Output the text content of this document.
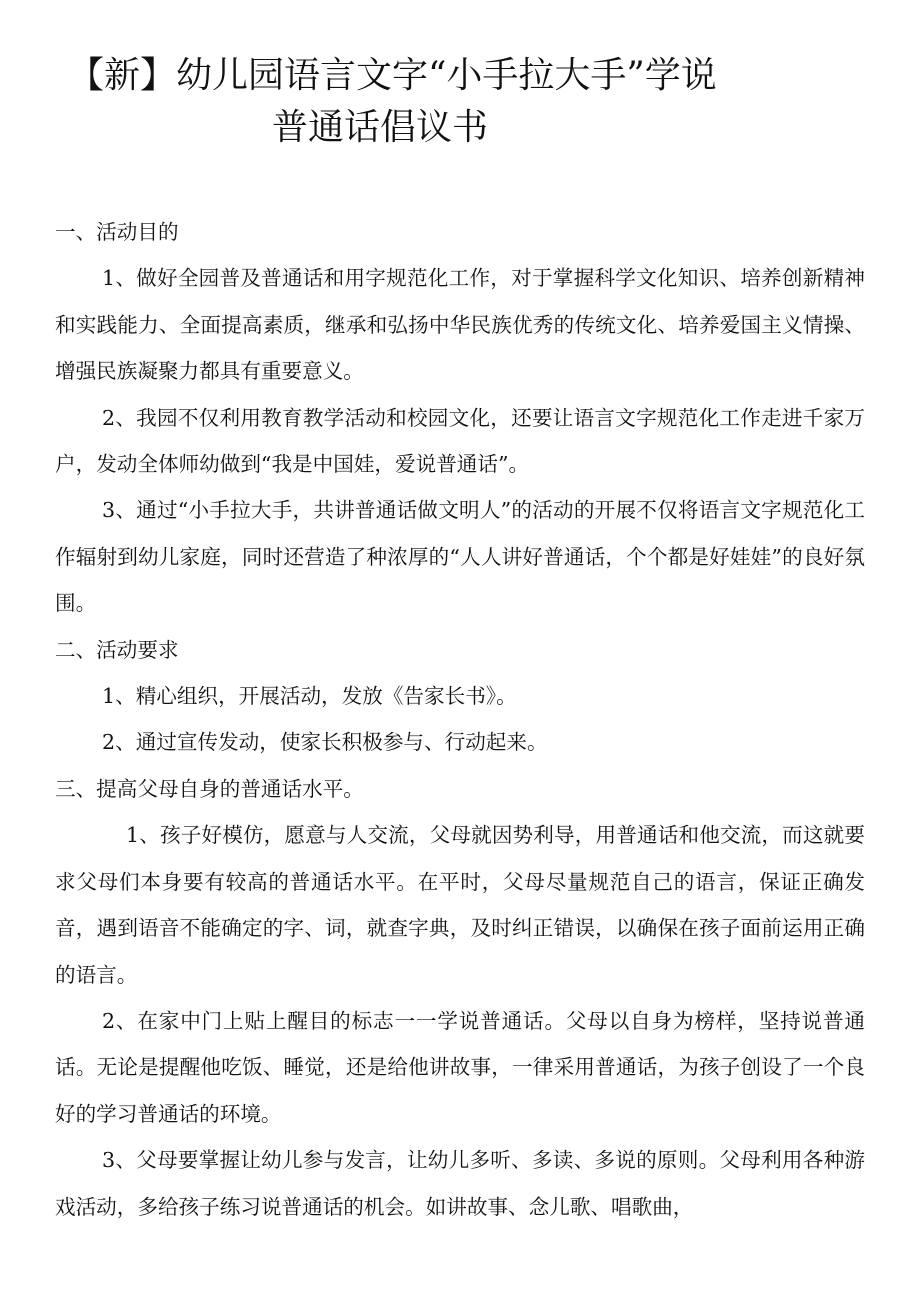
【新】幼儿园语言文字“小手拉大手”学说
普通话倡议书

一、活动目的

1、做好全园普及普通话和用字规范化工作，对于掌握科学文化知识、培养创新精神和实践能力、全面提高素质，继承和弘扬中华民族优秀的传统文化、培养爱国主义情操、增强民族凝聚力都具有重要意义。

2、我园不仅利用教育教学活动和校园文化，还要让语言文字规范化工作走进千家万户，发动全体师幼做到“我是中国娃，爱说普通话”。

3、通过“小手拉大手，共讲普通话做文明人”的活动的开展不仅将语言文字规范化工作辐射到幼儿家庭，同时还营造了种浓厚的“人人讲好普通话，个个都是好娃娃”的良好氛围。

二、活动要求

1、精心组织，开展活动，发放《告家长书》。

2、通过宣传发动，使家长积极参与、行动起来。

三、提高父母自身的普通话水平。

1、孩子好模仿，愿意与人交流，父母就因势利导，用普通话和他交流，而这就要求父母们本身要有较高的普通话水平。在平时，父母尽量规范自己的语言，保证正确发音，遇到语音不能确定的字、词，就查字典，及时纠正错误，以确保在孩子面前运用正确的语言。

2、在家中门上贴上醒目的标志一一学说普通话。父母以自身为榜样，坚持说普通话。无论是提醒他吃饭、睡觉，还是给他讲故事，一律采用普通话，为孩子创设了一个良好的学习普通话的环境。

3、父母要掌握让幼儿参与发言，让幼儿多听、多读、多说的原则。父母利用各种游戏活动，多给孩子练习说普通话的机会。如讲故事、念儿歌、唱歌曲，
